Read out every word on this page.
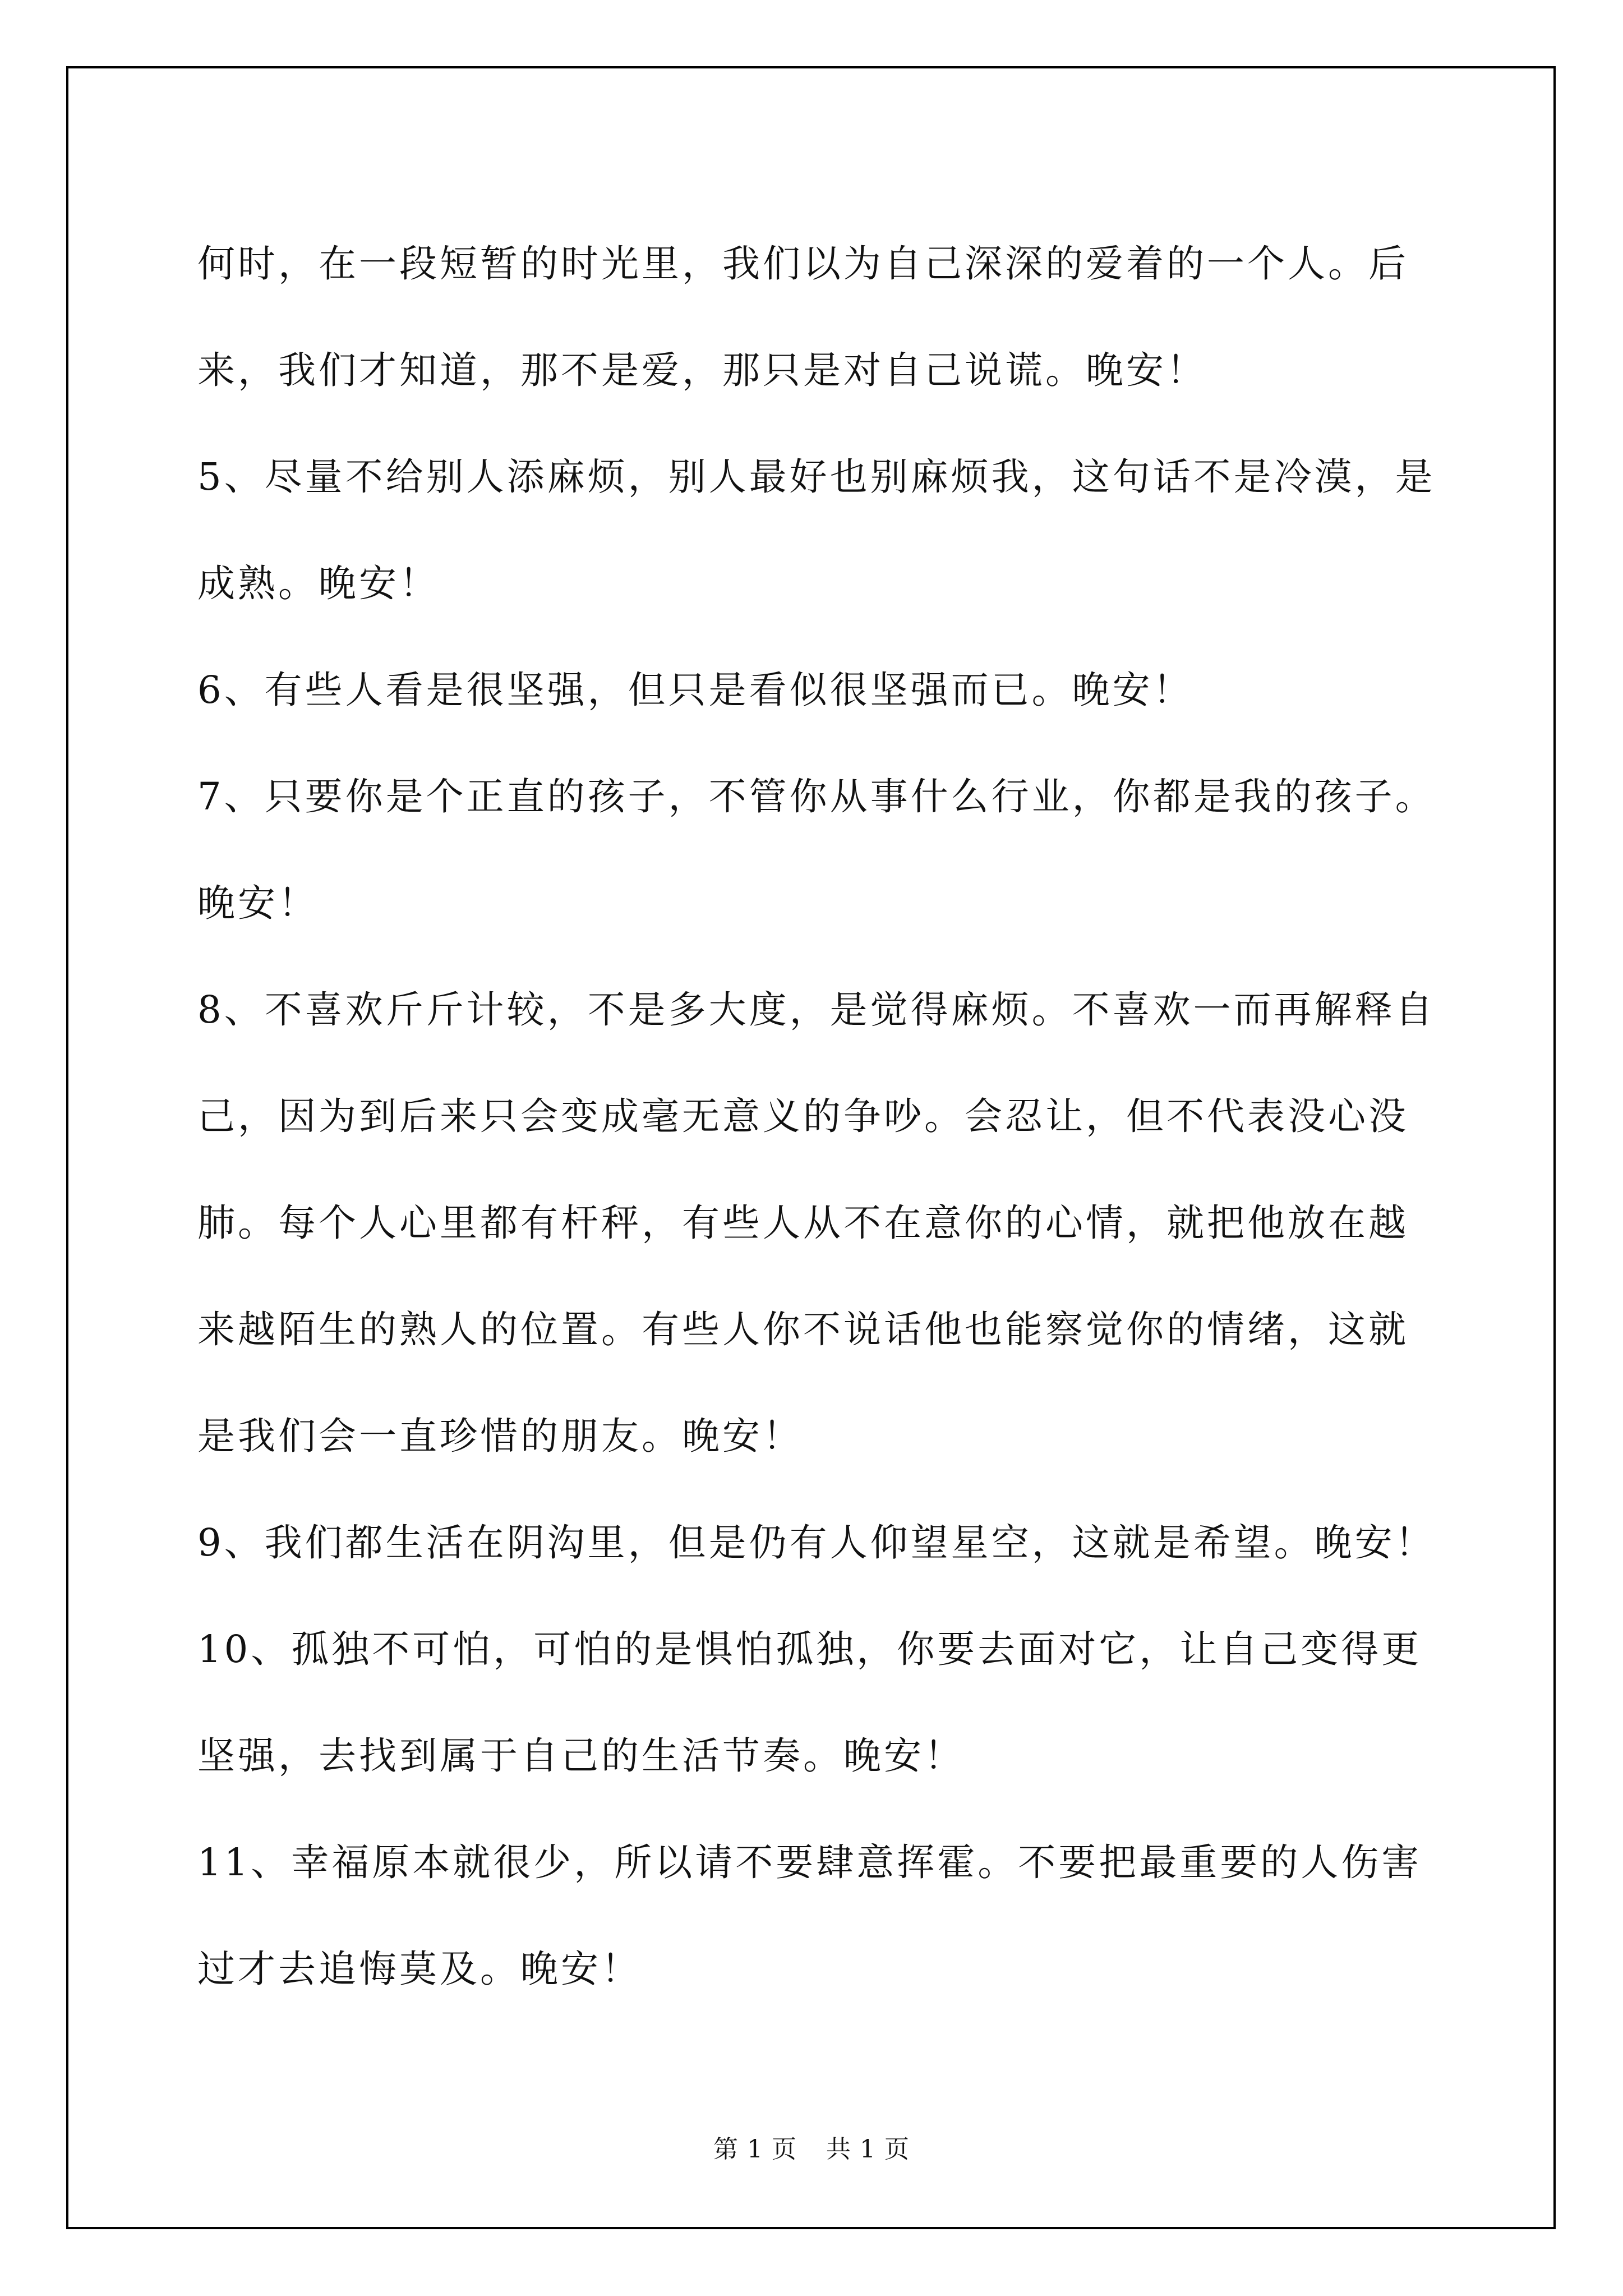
何时，在一段短暂的时光里，我们以为自己深深的爱着的一个人。后
来，我们才知道，那不是爱，那只是对自己说谎。晚安！
5、尽量不给别人添麻烦，别人最好也别麻烦我，这句话不是冷漠，是
成熟。晚安！
6、有些人看是很坚强，但只是看似很坚强而已。晚安！
7、只要你是个正直的孩子，不管你从事什么行业，你都是我的孩子。
晚安！
8、不喜欢斤斤计较，不是多大度，是觉得麻烦。不喜欢一而再解释自
己，因为到后来只会变成毫无意义的争吵。会忍让，但不代表没心没
肺。每个人心里都有杆秤，有些人从不在意你的心情，就把他放在越
来越陌生的熟人的位置。有些人你不说话他也能察觉你的情绪，这就
是我们会一直珍惜的朋友。晚安！
9、我们都生活在阴沟里，但是仍有人仰望星空，这就是希望。晚安！
10、孤独不可怕，可怕的是惧怕孤独，你要去面对它，让自己变得更
坚强，去找到属于自己的生活节奏。晚安！
11、幸福原本就很少，所以请不要肆意挥霍。不要把最重要的人伤害
过才去追悔莫及。晚安！
第 1 页 共 1 页
